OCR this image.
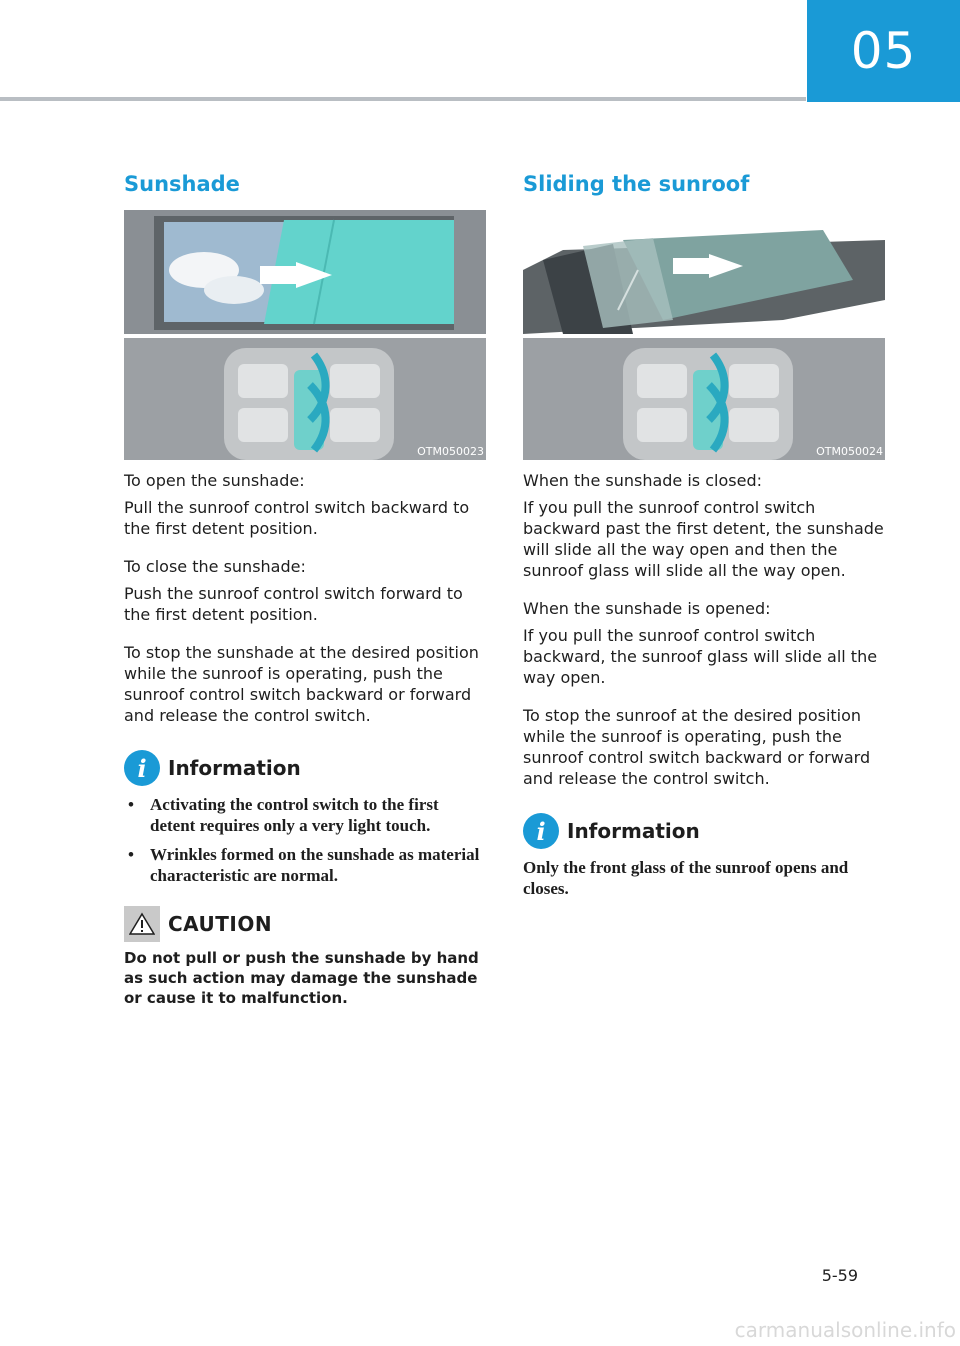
05
Sunshade
OTM050023

To open the sunshade:

Pull the sunroof control switch backward to the first detent position.

To close the sunshade:

Push the sunroof control switch forward to the first detent position.

To stop the sunshade at the desired position while the sunroof is operating, push the sunroof control switch backward or forward and release the control switch.

i	Information
• Activating the control switch to the first detent requires only a very light touch.
• Wrinkles formed on the sunshade as material characteristic are normal.
CAUTION
Do not pull or push the sunshade by hand as such action may damage the sunshade or cause it to malfunction.
Sliding the sunroof
OTM050024

When the sunshade is closed:

If you pull the sunroof control switch backward past the first detent, the sunshade will slide all the way open and then the sunroof glass will slide all the way open.

When the sunshade is opened:

If you pull the sunroof control switch backward, the sunroof glass will slide all the way open.

To stop the sunroof at the desired position while the sunroof is operating, push the sunroof control switch backward or forward and release the control switch.

i	Information
Only the front glass of the sunroof opens and closes.
5-59
carmanualsonline.info
